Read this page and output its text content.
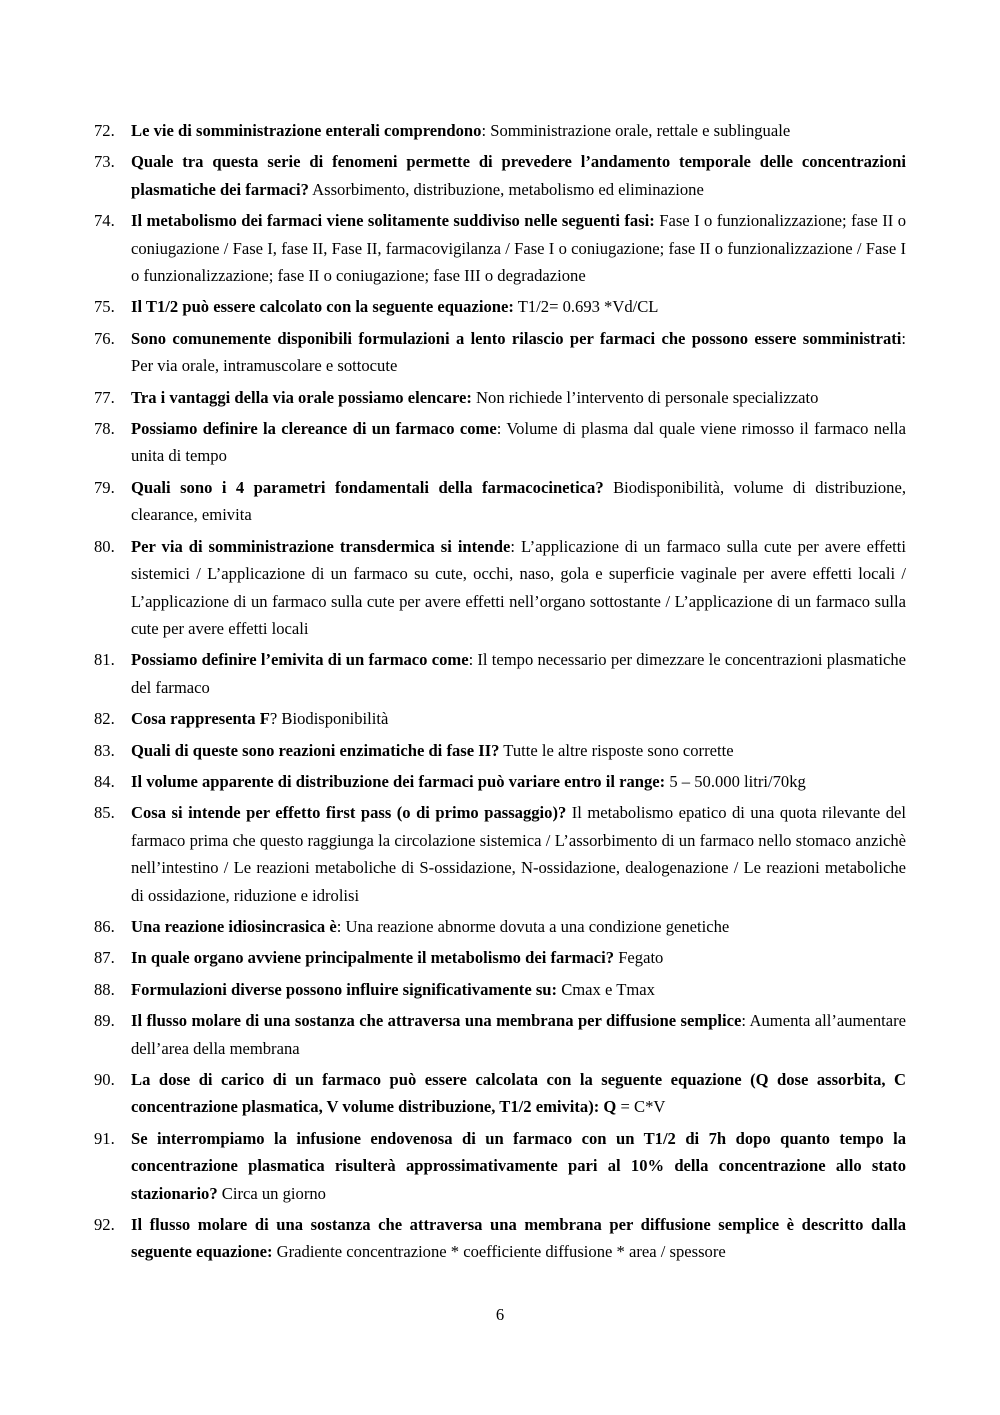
72. Le vie di somministrazione enterali comprendono: Somministrazione orale, rettale e sublinguale
73. Quale tra questa serie di fenomeni permette di prevedere l’andamento temporale delle concentrazioni plasmatiche dei farmaci? Assorbimento, distribuzione, metabolismo ed eliminazione
74. Il metabolismo dei farmaci viene solitamente suddiviso nelle seguenti fasi: Fase I o funzionalizzazione; fase II o coniugazione / Fase I, fase II, Fase II, farmacovigilanza / Fase I o coniugazione; fase II o funzionalizzazione / Fase I o funzionalizzazione; fase II o coniugazione; fase III o degradazione
75. Il T1/2 può essere calcolato con la seguente equazione: T1/2= 0.693 *Vd/CL
76. Sono comunemente disponibili formulazioni a lento rilascio per farmaci che possono essere somministrati: Per via orale, intramuscolare e sottocute
77. Tra i vantaggi della via orale possiamo elencare: Non richiede l’intervento di personale specializzato
78. Possiamo definire la clereance di un farmaco come: Volume di plasma dal quale viene rimosso il farmaco nella unita di tempo
79. Quali sono i 4 parametri fondamentali della farmacocinetica? Biodisponibilità, volume di distribuzione, clearance, emivita
80. Per via di somministrazione transdermica si intende: L’applicazione di un farmaco sulla cute per avere effetti sistemici / L’applicazione di un farmaco su cute, occhi, naso, gola e superficie vaginale per avere effetti locali / L’applicazione di un farmaco sulla cute per avere effetti nell’organo sottostante / L’applicazione di un farmaco sulla cute per avere effetti locali
81. Possiamo definire l’emivita di un farmaco come: Il tempo necessario per dimezzare le concentrazioni plasmatiche del farmaco
82. Cosa rappresenta F? Biodisponibilità
83. Quali di queste sono reazioni enzimatiche di fase II? Tutte le altre risposte sono corrette
84. Il volume apparente di distribuzione dei farmaci può variare entro il range: 5 – 50.000 litri/70kg
85. Cosa si intende per effetto first pass (o di primo passaggio)? Il metabolismo epatico di una quota rilevante del farmaco prima che questo raggiunga la circolazione sistemica / L’assorbimento di un farmaco nello stomaco anzichè nell’intestino / Le reazioni metaboliche di S-ossidazione, N-ossidazione, dealogenazione / Le reazioni metaboliche di ossidazione, riduzione e idrolisi
86. Una reazione idiosincrasica è: Una reazione abnorme dovuta a una condizione genetiche
87. In quale organo avviene principalmente il metabolismo dei farmaci? Fegato
88. Formulazioni diverse possono influire significativamente su: Cmax e Tmax
89. Il flusso molare di una sostanza che attraversa una membrana per diffusione semplice: Aumenta all’aumentare dell’area della membrana
90. La dose di carico di un farmaco può essere calcolata con la seguente equazione (Q dose assorbita, C concentrazione plasmatica, V volume distribuzione, T1/2 emivita): Q = C*V
91. Se interrompiamo la infusione endovenosa di un farmaco con un T1/2 di 7h dopo quanto tempo la concentrazione plasmatica risulterà approssimativamente pari al 10% della concentrazione allo stato stazionario? Circa un giorno
92. Il flusso molare di una sostanza che attraversa una membrana per diffusione semplice è descritto dalla seguente equazione: Gradiente concentrazione * coefficiente diffusione * area / spessore
6
